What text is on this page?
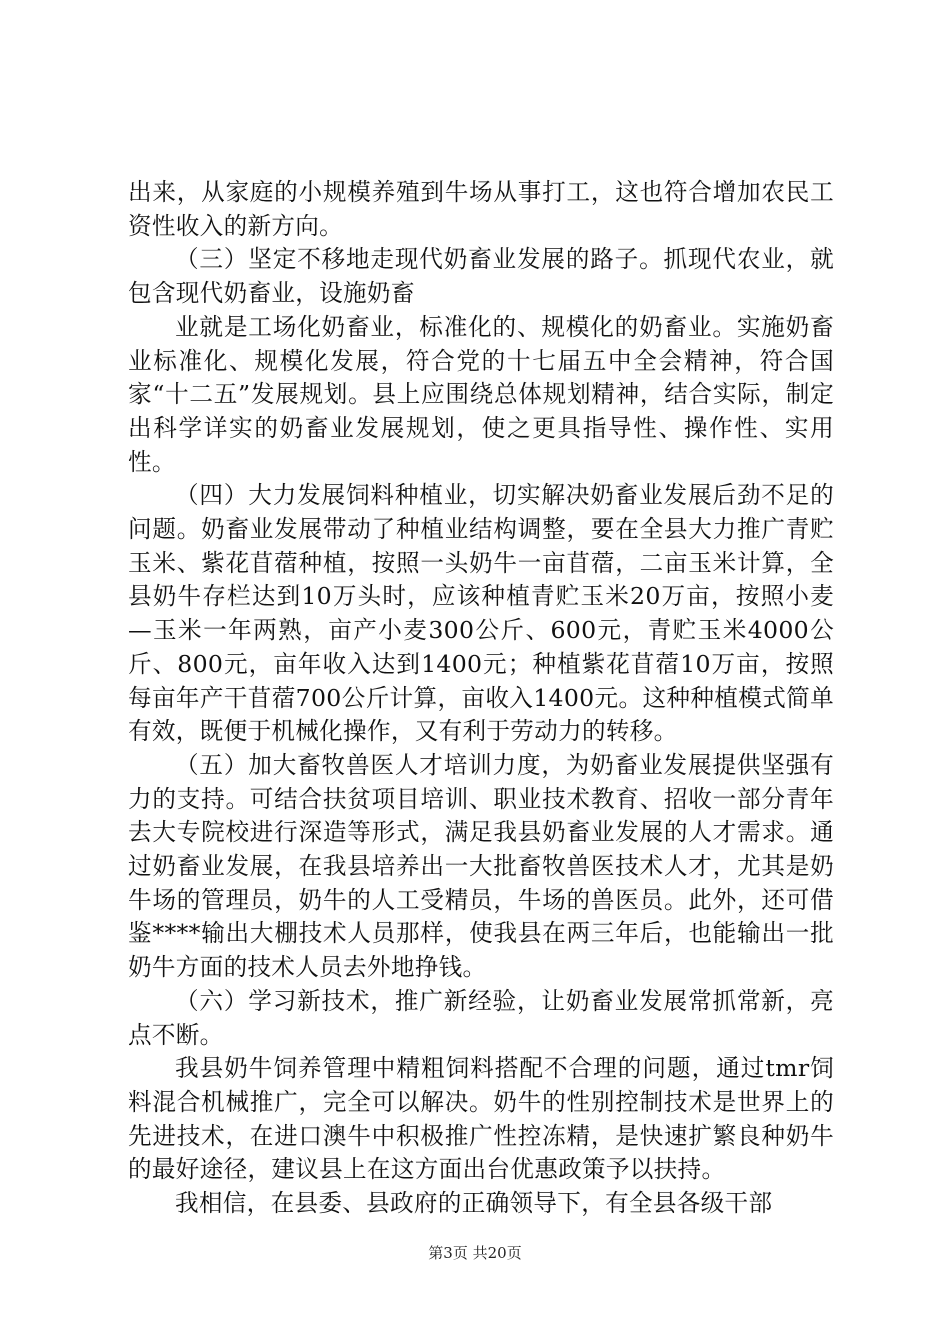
出来，从家庭的小规模养殖到牛场从事打工，这也符合增加农民工资性收入的新方向。

（三）坚定不移地走现代奶畜业发展的路子。抓现代农业，就包含现代奶畜业，设施奶畜

业就是工场化奶畜业，标准化的、规模化的奶畜业。实施奶畜业标准化、规模化发展，符合党的十七届五中全会精神，符合国家“十二五”发展规划。县上应围绕总体规划精神，结合实际，制定出科学详实的奶畜业发展规划，使之更具指导性、操作性、实用性。

（四）大力发展饲料种植业，切实解决奶畜业发展后劲不足的问题。奶畜业发展带动了种植业结构调整，要在全县大力推广青贮玉米、紫花苜蓿种植，按照一头奶牛一亩苜蓿，二亩玉米计算，全县奶牛存栏达到10万头时，应该种植青贮玉米20万亩，按照小麦—玉米一年两熟，亩产小麦300公斤、600元，青贮玉米4000公斤、800元，亩年收入达到1400元；种植紫花苜蓿10万亩，按照每亩年产干苜蓿700公斤计算，亩收入1400元。这种种植模式简单有效，既便于机械化操作，又有利于劳动力的转移。

（五）加大畜牧兽医人才培训力度，为奶畜业发展提供坚强有力的支持。可结合扶贫项目培训、职业技术教育、招收一部分青年去大专院校进行深造等形式，满足我县奶畜业发展的人才需求。通过奶畜业发展，在我县培养出一大批畜牧兽医技术人才，尤其是奶牛场的管理员，奶牛的人工受精员，牛场的兽医员。此外，还可借鉴****输出大棚技术人员那样，使我县在两三年后，也能输出一批奶牛方面的技术人员去外地挣钱。

（六）学习新技术，推广新经验，让奶畜业发展常抓常新，亮点不断。

我县奶牛饲养管理中精粗饲料搭配不合理的问题，通过tmr饲料混合机械推广，完全可以解决。奶牛的性别控制技术是世界上的先进技术，在进口澳牛中积极推广性控冻精，是快速扩繁良种奶牛的最好途径，建议县上在这方面出台优惠政策予以扶持。

我相信，在县委、县政府的正确领导下，有全县各级干部

第3页 共20页
